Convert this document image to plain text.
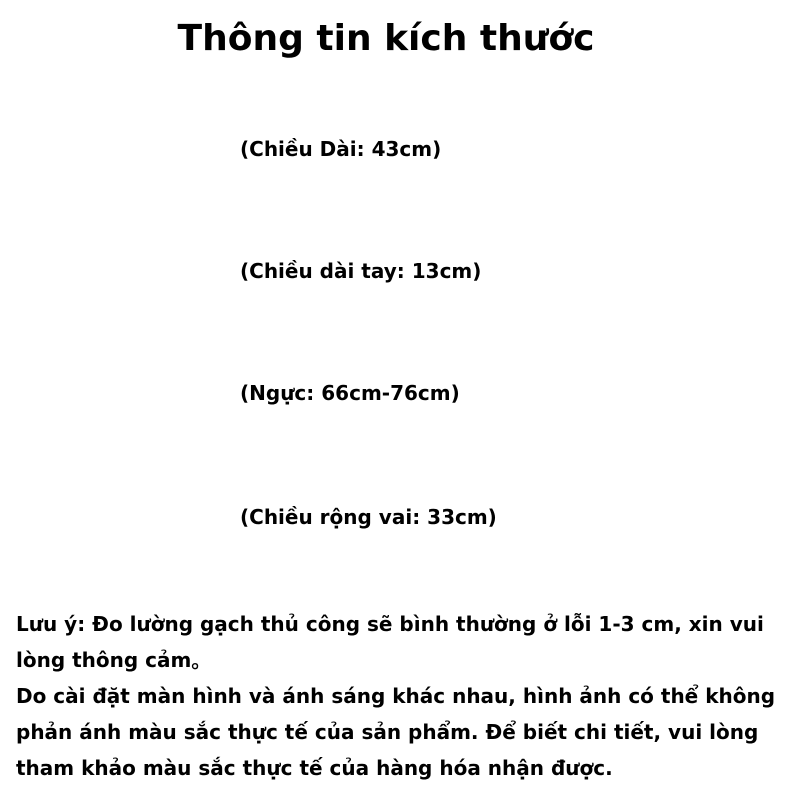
Thông tin kích thước

(Chiều Dài: 43cm)

(Chiều dài tay: 13cm)

(Ngực: 66cm-76cm)

(Chiều rộng vai: 33cm)

Lưu ý: Đo lường gạch thủ công sẽ bình thường ở lỗi 1-3 cm, xin vui lòng thông cảm。

Do cài đặt màn hình và ánh sáng khác nhau, hình ảnh có thể không phản ánh màu sắc thực tế của sản phẩm. Để biết chi tiết, vui lòng tham khảo màu sắc thực tế của hàng hóa nhận được.
